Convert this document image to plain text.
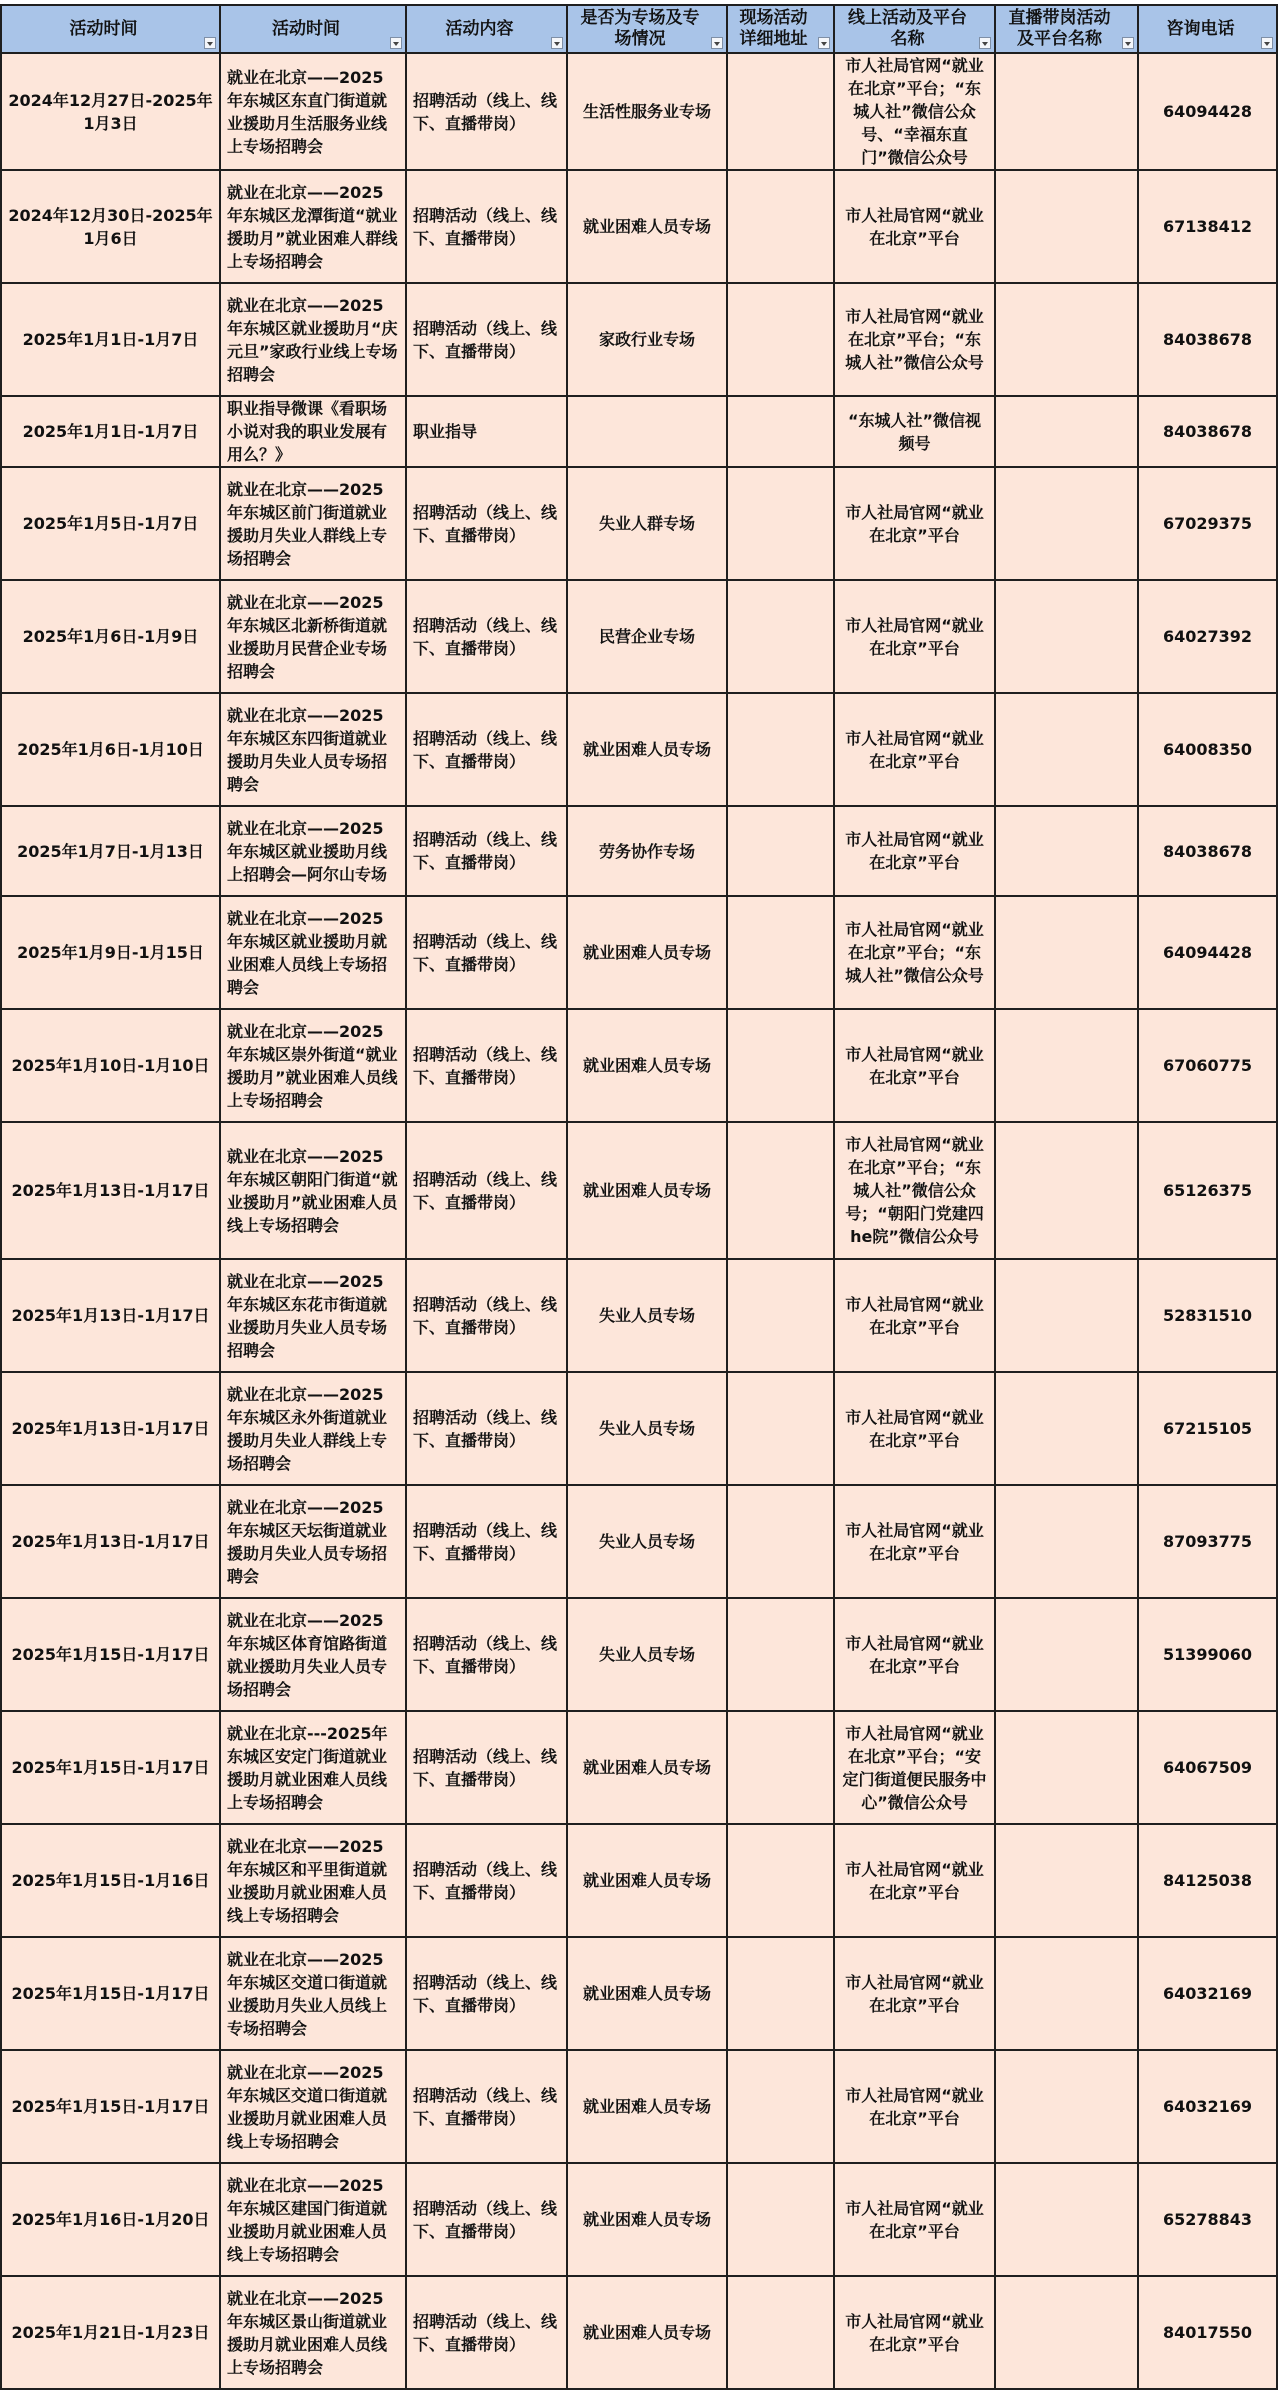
活动时间	活动时间	活动内容	是否为专场及专场情况	现场活动详细地址	线上活动及平台名称	直播带岗活动及平台名称	咨询电话

2024年12月27日-2025年1月3日	就业在北京——2025年东城区东直门街道就业援助月生活服务业线上专场招聘会	招聘活动（线上、线下、直播带岗）	生活性服务业专场		市人社局官网“就业在北京”平台；“东城人社”微信公众号、“幸福东直门”微信公众号		64094428
2024年12月30日-2025年1月6日	就业在北京——2025年东城区龙潭街道“就业援助月”就业困难人群线上专场招聘会	招聘活动（线上、线下、直播带岗）	就业困难人员专场		市人社局官网“就业在北京”平台		67138412
2025年1月1日-1月7日	就业在北京——2025年东城区就业援助月“庆元旦”家政行业线上专场招聘会	招聘活动（线上、线下、直播带岗）	家政行业专场		市人社局官网“就业在北京”平台；“东城人社”微信公众号		84038678
2025年1月1日-1月7日	职业指导微课《看职场小说对我的职业发展有用么？》	职业指导			“东城人社”微信视频号		84038678
2025年1月5日-1月7日	就业在北京——2025年东城区前门街道就业援助月失业人群线上专场招聘会	招聘活动（线上、线下、直播带岗）	失业人群专场		市人社局官网“就业在北京”平台		67029375
2025年1月6日-1月9日	就业在北京——2025年东城区北新桥街道就业援助月民营企业专场招聘会	招聘活动（线上、线下、直播带岗）	民营企业专场		市人社局官网“就业在北京”平台		64027392
2025年1月6日-1月10日	就业在北京——2025年东城区东四街道就业援助月失业人员专场招聘会	招聘活动（线上、线下、直播带岗）	就业困难人员专场		市人社局官网“就业在北京”平台		64008350
2025年1月7日-1月13日	就业在北京——2025年东城区就业援助月线上招聘会—阿尔山专场	招聘活动（线上、线下、直播带岗）	劳务协作专场		市人社局官网“就业在北京”平台		84038678
2025年1月9日-1月15日	就业在北京——2025年东城区就业援助月就业困难人员线上专场招聘会	招聘活动（线上、线下、直播带岗）	就业困难人员专场		市人社局官网“就业在北京”平台；“东城人社”微信公众号		64094428
2025年1月10日-1月10日	就业在北京——2025年东城区崇外街道“就业援助月”就业困难人员线上专场招聘会	招聘活动（线上、线下、直播带岗）	就业困难人员专场		市人社局官网“就业在北京”平台		67060775
2025年1月13日-1月17日	就业在北京——2025年东城区朝阳门街道“就业援助月”就业困难人员线上专场招聘会	招聘活动（线上、线下、直播带岗）	就业困难人员专场		市人社局官网“就业在北京”平台；“东城人社”微信公众号；“朝阳门党建四he院”微信公众号		65126375
2025年1月13日-1月17日	就业在北京——2025年东城区东花市街道就业援助月失业人员专场招聘会	招聘活动（线上、线下、直播带岗）	失业人员专场		市人社局官网“就业在北京”平台		52831510
2025年1月13日-1月17日	就业在北京——2025年东城区永外街道就业援助月失业人群线上专场招聘会	招聘活动（线上、线下、直播带岗）	失业人员专场		市人社局官网“就业在北京”平台		67215105
2025年1月13日-1月17日	就业在北京——2025年东城区天坛街道就业援助月失业人员专场招聘会	招聘活动（线上、线下、直播带岗）	失业人员专场		市人社局官网“就业在北京”平台		87093775
2025年1月15日-1月17日	就业在北京——2025年东城区体育馆路街道就业援助月失业人员专场招聘会	招聘活动（线上、线下、直播带岗）	失业人员专场		市人社局官网“就业在北京”平台		51399060
2025年1月15日-1月17日	就业在北京---2025年东城区安定门街道就业援助月就业困难人员线上专场招聘会	招聘活动（线上、线下、直播带岗）	就业困难人员专场		市人社局官网“就业在北京”平台；“安定门街道便民服务中心”微信公众号		64067509
2025年1月15日-1月16日	就业在北京——2025年东城区和平里街道就业援助月就业困难人员线上专场招聘会	招聘活动（线上、线下、直播带岗）	就业困难人员专场		市人社局官网“就业在北京”平台		84125038
2025年1月15日-1月17日	就业在北京——2025年东城区交道口街道就业援助月失业人员线上专场招聘会	招聘活动（线上、线下、直播带岗）	就业困难人员专场		市人社局官网“就业在北京”平台		64032169
2025年1月15日-1月17日	就业在北京——2025年东城区交道口街道就业援助月就业困难人员线上专场招聘会	招聘活动（线上、线下、直播带岗）	就业困难人员专场		市人社局官网“就业在北京”平台		64032169
2025年1月16日-1月20日	就业在北京——2025年东城区建国门街道就业援助月就业困难人员线上专场招聘会	招聘活动（线上、线下、直播带岗）	就业困难人员专场		市人社局官网“就业在北京”平台		65278843
2025年1月21日-1月23日	就业在北京——2025年东城区景山街道就业援助月就业困难人员线上专场招聘会	招聘活动（线上、线下、直播带岗）	就业困难人员专场		市人社局官网“就业在北京”平台		84017550
